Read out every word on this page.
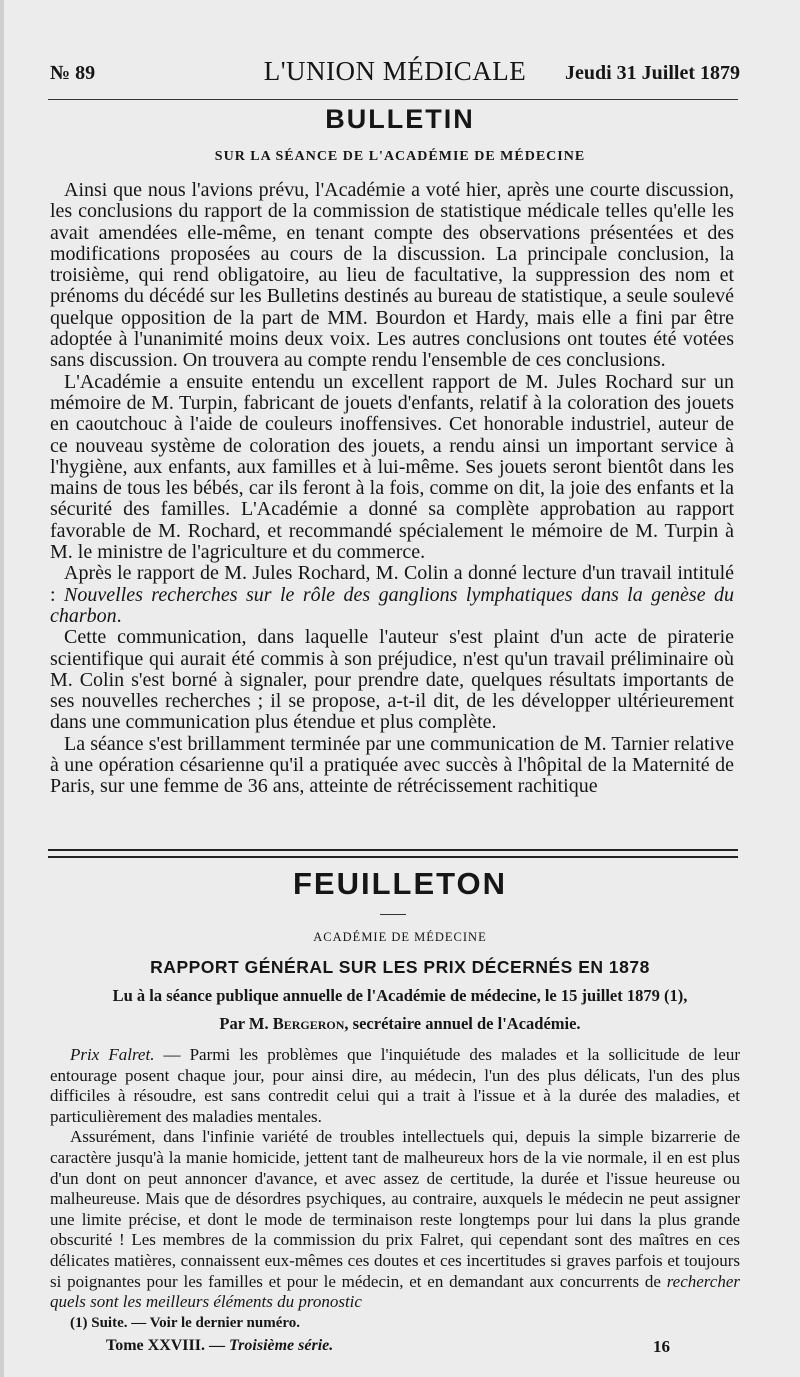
№ 89	L'UNION MÉDICALE	Jeudi 31 Juillet 1879
BULLETIN
SUR LA SÉANCE DE L'ACADÉMIE DE MÉDECINE

Ainsi que nous l'avions prévu, l'Académie a voté hier, après une courte discussion, les conclusions du rapport de la commission de statistique médicale telles qu'elle les avait amendées elle-même, en tenant compte des observations présentées et des modifications proposées au cours de la discussion. La principale conclusion, la troisième, qui rend obligatoire, au lieu de facultative, la suppression des nom et prénoms du décédé sur les Bulletins destinés au bureau de statistique, a seule soulevé quelque opposition de la part de MM. Bourdon et Hardy, mais elle a fini par être adoptée à l'unanimité moins deux voix. Les autres conclusions ont toutes été votées sans discussion. On trouvera au compte rendu l'ensemble de ces conclusions.

L'Académie a ensuite entendu un excellent rapport de M. Jules Rochard sur un mémoire de M. Turpin, fabricant de jouets d'enfants, relatif à la coloration des jouets en caoutchouc à l'aide de couleurs inoffensives. Cet honorable industriel, auteur de ce nouveau système de coloration des jouets, a rendu ainsi un important service à l'hygiène, aux enfants, aux familles et à lui-même. Ses jouets seront bientôt dans les mains de tous les bébés, car ils feront à la fois, comme on dit, la joie des enfants et la sécurité des familles. L'Académie a donné sa complète approbation au rapport favorable de M. Rochard, et recommandé spécialement le mémoire de M. Turpin à M. le ministre de l'agriculture et du commerce.

Après le rapport de M. Jules Rochard, M. Colin a donné lecture d'un travail intitulé : Nouvelles recherches sur le rôle des ganglions lymphatiques dans la genèse du charbon.

Cette communication, dans laquelle l'auteur s'est plaint d'un acte de piraterie scientifique qui aurait été commis à son préjudice, n'est qu'un travail préliminaire où M. Colin s'est borné à signaler, pour prendre date, quelques résultats importants de ses nouvelles recherches ; il se propose, a-t-il dit, de les développer ultérieurement dans une communication plus étendue et plus complète.

La séance s'est brillamment terminée par une communication de M. Tarnier relative à une opération césarienne qu'il a pratiquée avec succès à l'hôpital de la Maternité de Paris, sur une femme de 36 ans, atteinte de rétrécissement rachitique

FEUILLETON
ACADÉMIE DE MÉDECINE
RAPPORT GÉNÉRAL SUR LES PRIX DÉCERNÉS EN 1878
Lu à la séance publique annuelle de l'Académie de médecine, le 15 juillet 1879 (1),
Par M. Bergeron, secrétaire annuel de l'Académie.

Prix Falret. — Parmi les problèmes que l'inquiétude des malades et la sollicitude de leur entourage posent chaque jour, pour ainsi dire, au médecin, l'un des plus délicats, l'un des plus difficiles à résoudre, est sans contredit celui qui a trait à l'issue et à la durée des maladies, et particulièrement des maladies mentales.

Assurément, dans l'infinie variété de troubles intellectuels qui, depuis la simple bizarrerie de caractère jusqu'à la manie homicide, jettent tant de malheureux hors de la vie normale, il en est plus d'un dont on peut annoncer d'avance, et avec assez de certitude, la durée et l'issue heureuse ou malheureuse. Mais que de désordres psychiques, au contraire, auxquels le médecin ne peut assigner une limite précise, et dont le mode de terminaison reste longtemps pour lui dans la plus grande obscurité ! Les membres de la commission du prix Falret, qui cependant sont des maîtres en ces délicates matières, connaissent eux-mêmes ces doutes et ces incertitudes si graves parfois et toujours si poignantes pour les familles et pour le médecin, et en demandant aux concurrents de rechercher quels sont les meilleurs éléments du pronostic

(1) Suite. — Voir le dernier numéro.
Tome XXVIII. — Troisième série.	16
